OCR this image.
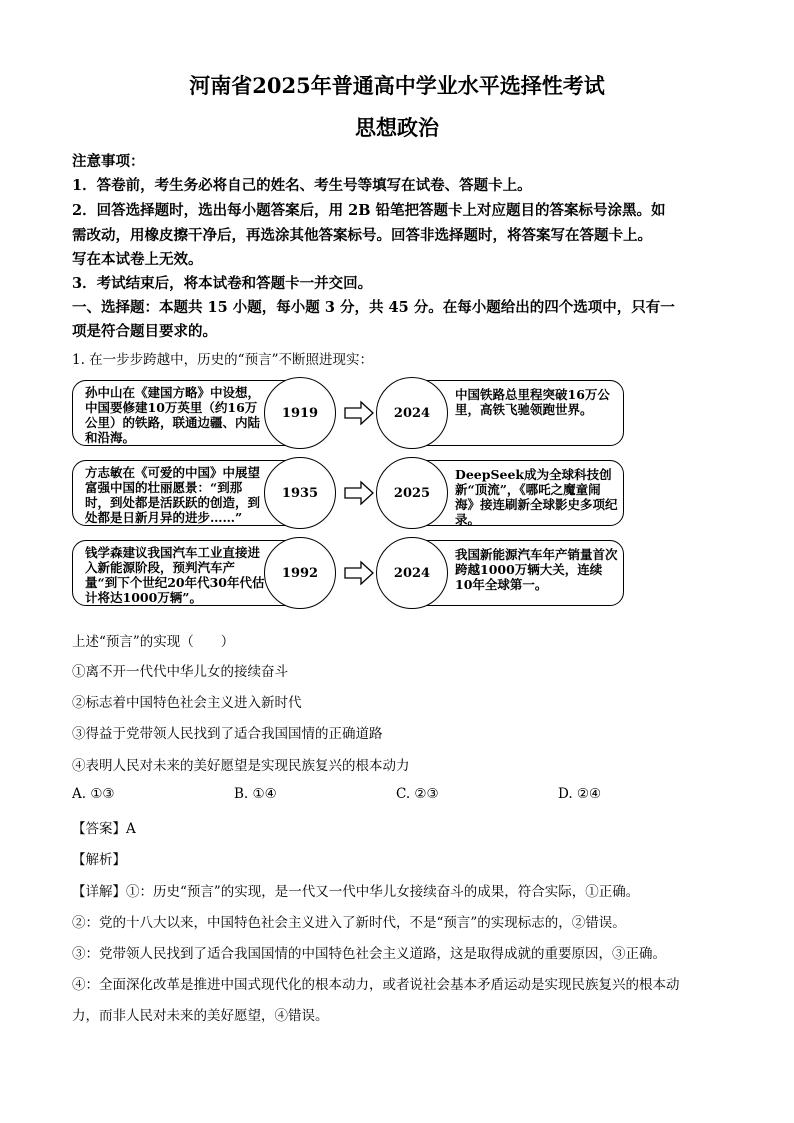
河南省2025年普通高中学业水平选择性考试
思想政治
注意事项：
1．答卷前，考生务必将自己的姓名、考生号等填写在试卷、答题卡上。
2．回答选择题时，选出每小题答案后，用 2B 铅笔把答题卡上对应题目的答案标号涂黑。如
需改动，用橡皮擦干净后，再选涂其他答案标号。回答非选择题时，将答案写在答题卡上。
写在本试卷上无效。
3．考试结束后，将本试卷和答题卡一并交回。
一、选择题：本题共 15 小题，每小题 3 分，共 45 分。在每小题给出的四个选项中，只有一
项是符合题目要求的。
1. 在一步步跨越中，历史的“预言”不断照进现实：
孙中山在《建国方略》中设想，中国要修建10万英里（约16万公里）的铁路，联通边疆、内陆和沿海。
中国铁路总里程突破16万公里，高铁飞驰领跑世界。
1919	2024
方志敏在《可爱的中国》中展望富强中国的壮丽愿景：“到那时，到处都是活跃跃的创造，到处都是日新月异的进步……”
DeepSeek成为全球科技创新“顶流”，《哪吒之魔童闹海》接连刷新全球影史多项纪录。
1935	2025
钱学森建议我国汽车工业直接进入新能源阶段，预判汽车产量“到下个世纪20年代30年代估计将达1000万辆”。
我国新能源汽车年产销量首次跨越1000万辆大关，连续10年全球第一。
1992	2024
上述“预言”的实现（　　）
①离不开一代代中华儿女的接续奋斗
②标志着中国特色社会主义进入新时代
③得益于党带领人民找到了适合我国国情的正确道路
④表明人民对未来的美好愿望是实现民族复兴的根本动力
A. ①③	B. ①④	C. ②③	D. ②④
【答案】A
【解析】
【详解】①：历史“预言”的实现，是一代又一代中华儿女接续奋斗的成果，符合实际，①正确。
②：党的十八大以来，中国特色社会主义进入了新时代，不是“预言”的实现标志的，②错误。
③：党带领人民找到了适合我国国情的中国特色社会主义道路，这是取得成就的重要原因，③正确。
④：全面深化改革是推进中国式现代化的根本动力，或者说社会基本矛盾运动是实现民族复兴的根本动
力，而非人民对未来的美好愿望，④错误。
